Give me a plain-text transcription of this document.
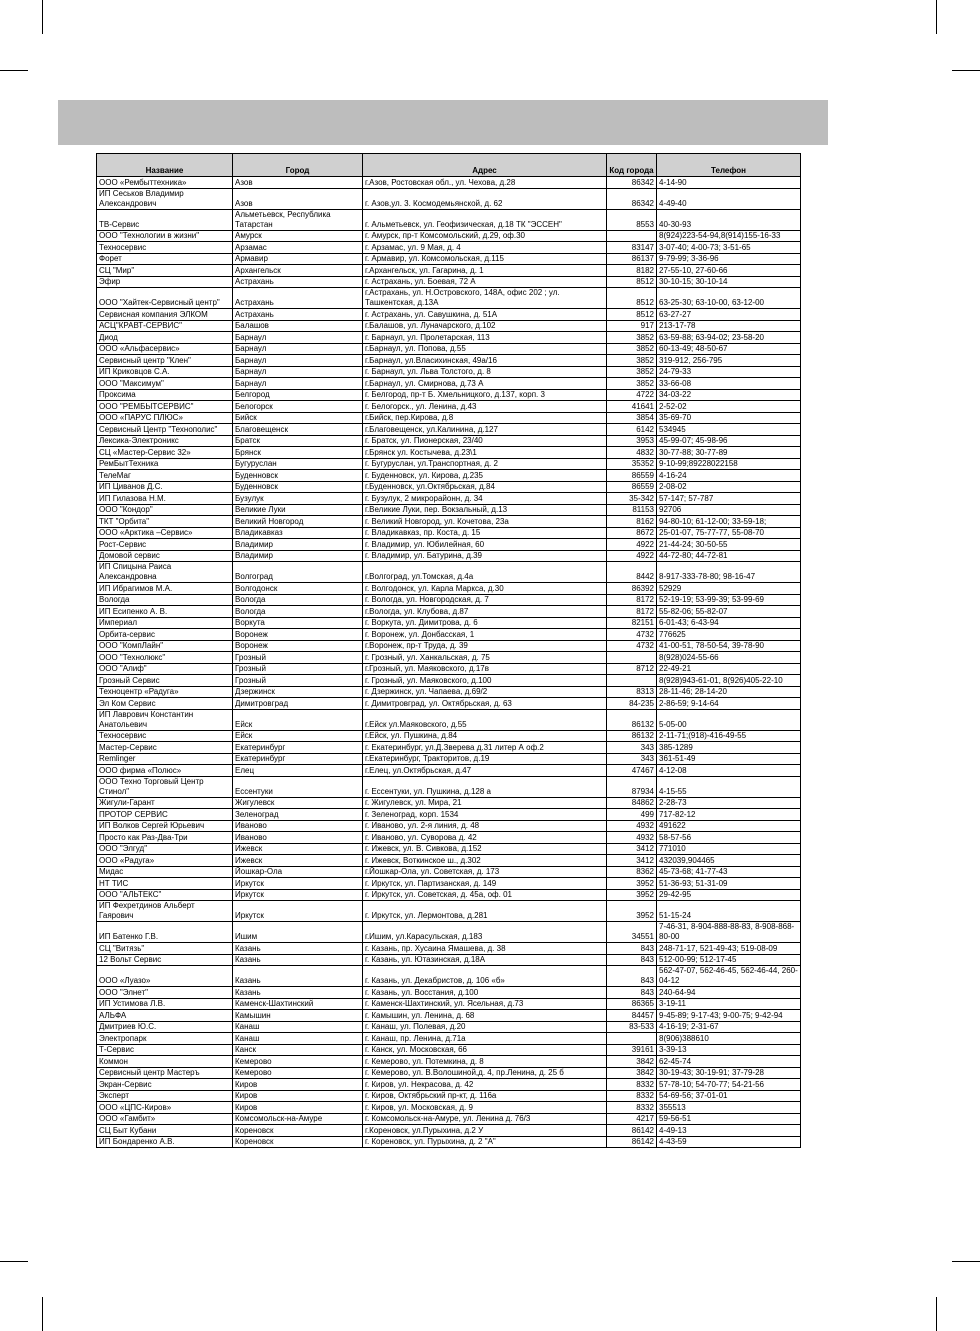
Название	Город	Адрес	Код города	Телефон
ООО «Рембыттехника»	Азов	г.Азов, Ростовская обл., ул. Чехова, д.28	86342	4-14-90
ИП Сеськов Владимир Александрович	Азов	г. Азов,ул. 3. Космодемьянской, д. 62	86342	4-49-40
ТВ-Сервис	Альметьевск, Республика Татарстан	г. Альметьевск, ул. Геофизическая, д.18 ТК "ЭССЕН"	8553	40-30-93
ООО "Технологии в жизни"	Амурск	г. Амурск, пр-т Комсомольский, д.29, оф.30		8(924)223-54-94,8(914)155-16-33
Техносервис	Арзамас	г. Арзамас, ул. 9 Мая, д. 4	83147	3-07-40; 4-00-73; 3-51-65
Форет	Армавир	г. Армавир, ул. Комсомольская, д.115	86137	9-79-99; 3-36-96
СЦ "Мир"	Архангельск	г.Архангельск, ул. Гагарина, д. 1	8182	27-55-10, 27-60-66
Эфир	Астрахань	г. Астрахань, ул. Боевая, 72 А	8512	30-10-15; 30-10-14
ООО "Хайтек-Сервисный центр"	Астрахань	г.Астрахань, ул. Н.Островского, 148А, офис 202 ; ул. Ташкентская, д.13А	8512	63-25-30; 63-10-00, 63-12-00
Сервисная компания ЭЛКОМ	Астрахань	г. Астрахань, ул. Савушкина, д. 51А	8512	63-27-27
АСЦ"КРАВТ-СЕРВИС"	Балашов	г.Балашов, ул. Луначарского, д.102	917	213-17-78
Диод	Барнаул	г. Барнаул, ул. Пролетарская, 113	3852	63-59-88; 63-94-02; 23-58-20
ООО «Альфасервис»	Барнаул	г.Барнаул, ул. Попова, д.55	3852	60-13-49; 48-50-67
Сервисный центр "Клен"	Барнаул	г.Барнаул, ул.Власихинская, 49а/16	3852	319-912, 256-795
ИП Криковцов С.А.	Барнаул	г. Барнаул, ул. Льва Толстого, д. 8	3852	24-79-33
ООО "Максимум"	Барнаул	г.Барнаул, ул. Смирнова, д.73 А	3852	33-66-08
Проксима	Белгород	г. Белгород, пр-т Б. Хмельницкого, д.137, корп. 3	4722	34-03-22
ООО "РЕМБЫТСЕРВИС"	Белогорск	г. Белогорск., ул. Ленина, д.43	41641	2-52-02
ООО «ПАРУС ПЛЮС»	Бийск	г.Бийск, пер.Кирова, д.8	3854	35-69-70
Сервисный Центр "Технополис"	Благовещенск	г.Благовещенск, ул.Калинина, д.127	6142	534945
Лексика-Электроникс	Братск	г. Братск, ул. Пионерская, 23/40	3953	45-99-07; 45-98-96
СЦ «Мастер-Сервис 32»	Брянск	г.Брянск ул. Костычева, д.23\1	4832	30-77-88; 30-77-89
РемБытТехника	Бугуруслан	г. Бугуруслан, ул.Транспортная, д. 2	35352	9-10-99;89228022158
ТелеМаг	Буденновск	г. Буденновск, ул. Кирова, д.235	86559	4-16-24
ИП Циванов Д.С.	Буденновск	г.Буденновск, ул.Октябрьская, д.84	86559	2-08-02
ИП Гилазова Н.М.	Бузулук	г. Бузулук, 2 микрорайонн, д. 34	35-342	57-147; 57-787
ООО "Кондор"	Великие Луки	г.Великие Луки, пер. Вокзальный, д.13	81153	92706
ТКТ "Орбита"	Великий Новгород	г. Великий Новгород, ул. Кочетова, 23а	8162	94-80-10; 61-12-00; 33-59-18;
ООО «Арктика –Сервис»	Владикавказ	г. Владикавказ, пр. Коста, д. 15	8672	25-01-07, 75-77-77, 55-08-70
Рост-Сервис	Владимир	г. Владимир, ул. Юбилейная, 60	4922	21-44-24; 30-50-55
Домовой сервис	Владимир	г. Владимир, ул. Батурина, д.39	4922	44-72-80; 44-72-81
ИП Спицына Раиса Александровна	Волгоград	г.Волгоград, ул.Томская, д.4а	8442	8-917-333-78-80; 98-16-47
ИП Ибрагимов М.А.	Волгодонск	г. Волгодонск, ул. Карла Маркса, д.30	86392	52929
Вологда	Вологда	г. Вологда, ул. Новгородская, д. 7	8172	52-19-19; 53-99-39; 53-99-69
ИП Есипенко А. В.	Вологда	г.Вологда, ул. Клубова, д.87	8172	55-82-06; 55-82-07
Империал	Воркута	г. Воркута, ул. Димитрова, д. 6	82151	6-01-43; 6-43-94
Орбита-сервис	Воронеж	г. Воронеж, ул. Донбасская, 1	4732	776625
ООО "КомпЛайн"	Воронеж	г.Воронеж, пр-т Труда, д. 39	4732	41-00-51, 78-50-54, 39-78-90
ООО "Технолюкс"	Грозный	г. Грозный, ул. Ханкальская, д. 75		8(928)024-55-66
ООО "Алиф"	Грозный	г.Грозный, ул. Маяковского, д.17в	8712	22-49-21
Грозный Сервис	Грозный	г. Грозный, ул. Маяковского, д.100		8(928)943-61-01, 8(926)405-22-10
Техноцентр «Радуга»	Дзержинск	г. Дзержинск, ул. Чапаева, д.69/2	8313	28-11-46; 28-14-20
Эл Ком Сервис	Димитровград	г. Димитровград, ул. Октябрьская, д. 63	84-235	2-86-59; 9-14-64
ИП Лаврович Константин Анатольевич	Ейск	г.Ейск ул.Маяковского, д.55	86132	5-05-00
Техносервис	Ейск	г.Ейск, ул. Пушкина, д.84	86132	2-11-71;(918)-416-49-55
Мастер-Сервис	Екатеринбург	г. Екатеринбург, ул.Д.Зверева д.31 литер А оф.2	343	385-1289
Remlinger	Екатеринбург	г.Екатеринбург, Тракторитов, д.19	343	361-51-49
ООО фирма «Полюс»	Елец	г.Елец, ул.Октябрьская, д.47	47467	4-12-08
ООО Техно Торговый Центр Стинол"	Ессентуки	г. Ессентуки, ул. Пушкина, д.128 а	87934	4-15-55
Жигули-Гарант	Жигулевск	г. Жигулевск, ул. Мира, 21	84862	2-28-73
ПРОТОР СЕРВИС	Зеленоград	г. Зеленоград, корп. 1534	499	717-82-12
ИП Волков Сергей Юрьевич	Иваново	г. Иваново, ул. 2-я линия, д. 48	4932	491622
Просто как Раз-Два-Три	Иваново	г. Иваново, ул. Суворова д. 42	4932	58-57-56
ООО "Элгуд"	Ижевск	г. Ижевск, ул. В. Сивкова, д.152	3412	771010
ООО «Радуга»	Ижевск	г. Ижевск, Воткинское ш., д.302	3412	432039,904465
Мидас	Йошкар-Ола	г.Йошкар-Ола, ул. Советская, д. 173	8362	45-73-68; 41-77-43
НТ ТИС	Иркутск	г. Иркутск, ул. Партизанская, д. 149	3952	51-36-93; 51-31-09
ООО "АЛЬТЕКС"	Иркутск	г. Иркутск, ул. Советская, д. 45а, оф. 01	3952	29-42-95
ИП Фехретдинов Альберт Гаярович	Иркутск	г. Иркутск, ул. Лермонтова, д.281	3952	51-15-24
ИП Батенко Г.В.	Ишим	г.Ишим, ул.Карасульская, д.183	34551	7-46-31, 8-904-888-88-83, 8-908-868-80-00
СЦ "Витязь"	Казань	г. Казань, пр. Хусаина Ямашева, д. 38	843	248-71-17, 521-49-43; 519-08-09
12 Вольт Сервис	Казань	г. Казань, ул. Ютазинская, д.18А	843	512-00-99; 512-17-45
ООО «Луазо»	Казань	г. Казань, ул. Декабристов, д. 106 «б»	843	562-47-07, 562-46-45, 562-46-44, 260-04-12
ООО "Элнет"	Казань	г. Казань, ул. Восстания, д.100	843	240-64-94
ИП Устимова Л.В.	Каменск-Шахтинский	г. Каменск-Шахтинский, ул. Ясельная, д.73	86365	3-19-11
АЛЬФА	Камышин	г. Камышин, ул. Ленина, д. 68	84457	9-45-89; 9-17-43; 9-00-75; 9-42-94
Дмитриев Ю.С.	Канаш	г. Канаш, ул. Полевая, д.20	83-533	4-16-19; 2-31-67
Электропарк	Канаш	г. Канаш, пр. Ленина, д.71а		8(906)388610
Т-Сервис	Канск	г. Канск, ул. Московская, 66	39161	3-39-13
Коммон	Кемерово	г. Кемерово, ул. Потемкина, д. 8	3842	62-45-74
Сервисный центр Мастеръ	Кемерово	г. Кемерово, ул. В.Волошиной,д. 4, пр.Ленина, д. 25 б	3842	30-19-43; 30-19-91; 37-79-28
Экран-Сервис	Киров	г. Киров, ул. Некрасова, д. 42	8332	57-78-10; 54-70-77; 54-21-56
Эксперт	Киров	г. Киров, Октябрьский пр-кт, д. 116а	8332	54-69-56; 37-01-01
ООО «ЦПС-Киров»	Киров	г. Киров, ул. Московская, д. 9	8332	355513
ООО «Гамбит»	Комсомольск-на-Амуре	г. Комсомольск-на-Амуре, ул. Ленина д. 76/3	4217	59-56-51
СЦ Быт Кубани	Кореновск	г.Кореновск, ул.Пурыхина, д.2 У	86142	4-49-13
ИП Бондаренко А.В.	Кореновск	г. Кореновск, ул. Пурыхина, д. 2 "А"	86142	4-43-59
